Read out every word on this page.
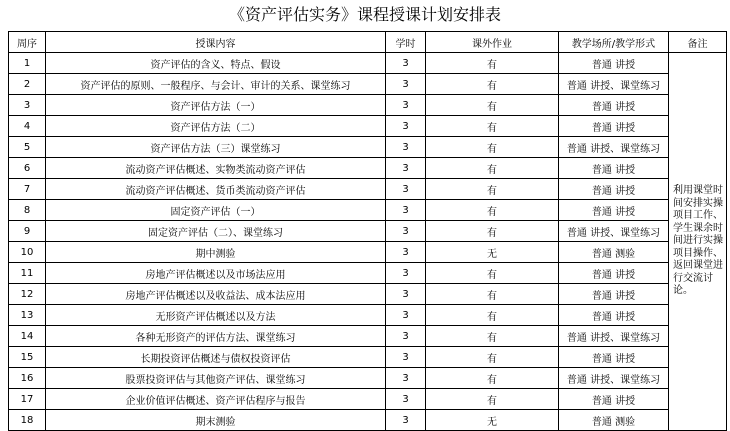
《资产评估实务》课程授课计划安排表
周序	授课内容	学时	课外作业	教学场所/教学形式	备注
1	资产评估的含义、特点、假设	3	有	普通 讲授	利用课堂时间安排实操项目工作、学生课余时间进行实操项目操作、返回课堂进行交流讨论。
2	资产评估的原则、一般程序、与会计、审计的关系、课堂练习	3	有	普通 讲授、课堂练习	
3	资产评估方法（一）	3	有	普通 讲授	
4	资产评估方法（二）	3	有	普通 讲授	
5	资产评估方法（三）课堂练习	3	有	普通 讲授、课堂练习	
6	流动资产评估概述、实物类流动资产评估	3	有	普通 讲授	
7	流动资产评估概述、货币类流动资产评估	3	有	普通 讲授	
8	固定资产评估（一）	3	有	普通 讲授	
9	固定资产评估（二）、课堂练习	3	有	普通 讲授、课堂练习	
10	期中测验	3	无	普通 测验	
11	房地产评估概述以及市场法应用	3	有	普通 讲授	
12	房地产评估概述以及收益法、成本法应用	3	有	普通 讲授	
13	无形资产评估概述以及方法	3	有	普通 讲授	
14	各种无形资产的评估方法、课堂练习	3	有	普通 讲授、课堂练习	
15	长期投资评估概述与债权投资评估	3	有	普通 讲授	
16	股票投资评估与其他资产评估、课堂练习	3	有	普通 讲授、课堂练习	
17	企业价值评估概述、资产评估程序与报告	3	有	普通 讲授	
18	期末测验	3	无	普通 测验	
